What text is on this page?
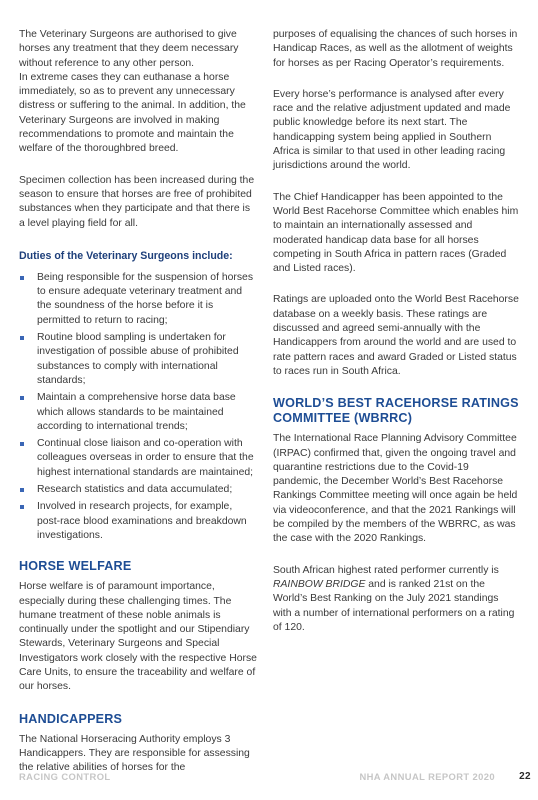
The Veterinary Surgeons are authorised to give horses any treatment that they deem necessary without reference to any other person.
In extreme cases they can euthanase a horse immediately, so as to prevent any unnecessary distress or suffering to the animal. In addition, the Veterinary Surgeons are involved in making recommendations to promote and maintain the welfare of the thoroughbred breed.

Specimen collection has been increased during the season to ensure that horses are free of prohibited substances when they participate and that there is a level playing field for all.

Duties of the Veterinary Surgeons include:
Being responsible for the suspension of horses to ensure adequate veterinary treatment and the soundness of the horse before it is permitted to return to racing;
Routine blood sampling is undertaken for investigation of possible abuse of prohibited substances to comply with international standards;
Maintain a comprehensive horse data base which allows standards to be maintained according to international trends;
Continual close liaison and co-operation with colleagues overseas in order to ensure that the highest international standards are maintained;
Research statistics and data accumulated;
Involved in research projects, for example, post-race blood examinations and breakdown investigations.
HORSE WELFARE

Horse welfare is of paramount importance, especially during these challenging times. The humane treatment of these noble animals is continually under the spotlight and our Stipendiary Stewards, Veterinary Surgeons and Special Investigators work closely with the respective Horse Care Units, to ensure the traceability and welfare of our horses.

HANDICAPPERS

The National Horseracing Authority employs 3 Handicappers. They are responsible for assessing the relative abilities of horses for the

purposes of equalising the chances of such horses in Handicap Races, as well as the allotment of weights for horses as per Racing Operator’s requirements.

Every horse’s performance is analysed after every race and the relative adjustment updated and made public knowledge before its next start. The handicapping system being applied in Southern Africa is similar to that used in other leading racing jurisdictions around the world.

The Chief Handicapper has been appointed to the World Best Racehorse Committee which enables him to maintain an internationally assessed and moderated handicap data base for all horses competing in South Africa in pattern races (Graded and Listed races).

Ratings are uploaded onto the World Best Racehorse database on a weekly basis. These ratings are discussed and agreed semi-annually with the Handicappers from around the world and are used to rate pattern races and award Graded or Listed status to races run in South Africa.

WORLD’S BEST RACEHORSE RATINGS COMMITTEE (WBRRC)

The International Race Planning Advisory Committee (IRPAC) confirmed that, given the ongoing travel and quarantine restrictions due to the Covid-19 pandemic, the December World’s Best Racehorse Rankings Committee meeting will once again be held via videoconference, and that the 2021 Rankings will be compiled by the members of the WBRRC, as was the case with the 2020 Rankings.

South African highest rated performer currently is RAINBOW BRIDGE and is ranked 21st on the World’s Best Ranking on the July 2021 standings with a number of international performers on a rating of 120.

RACING CONTROL	NHA ANNUAL REPORT 2020 22
